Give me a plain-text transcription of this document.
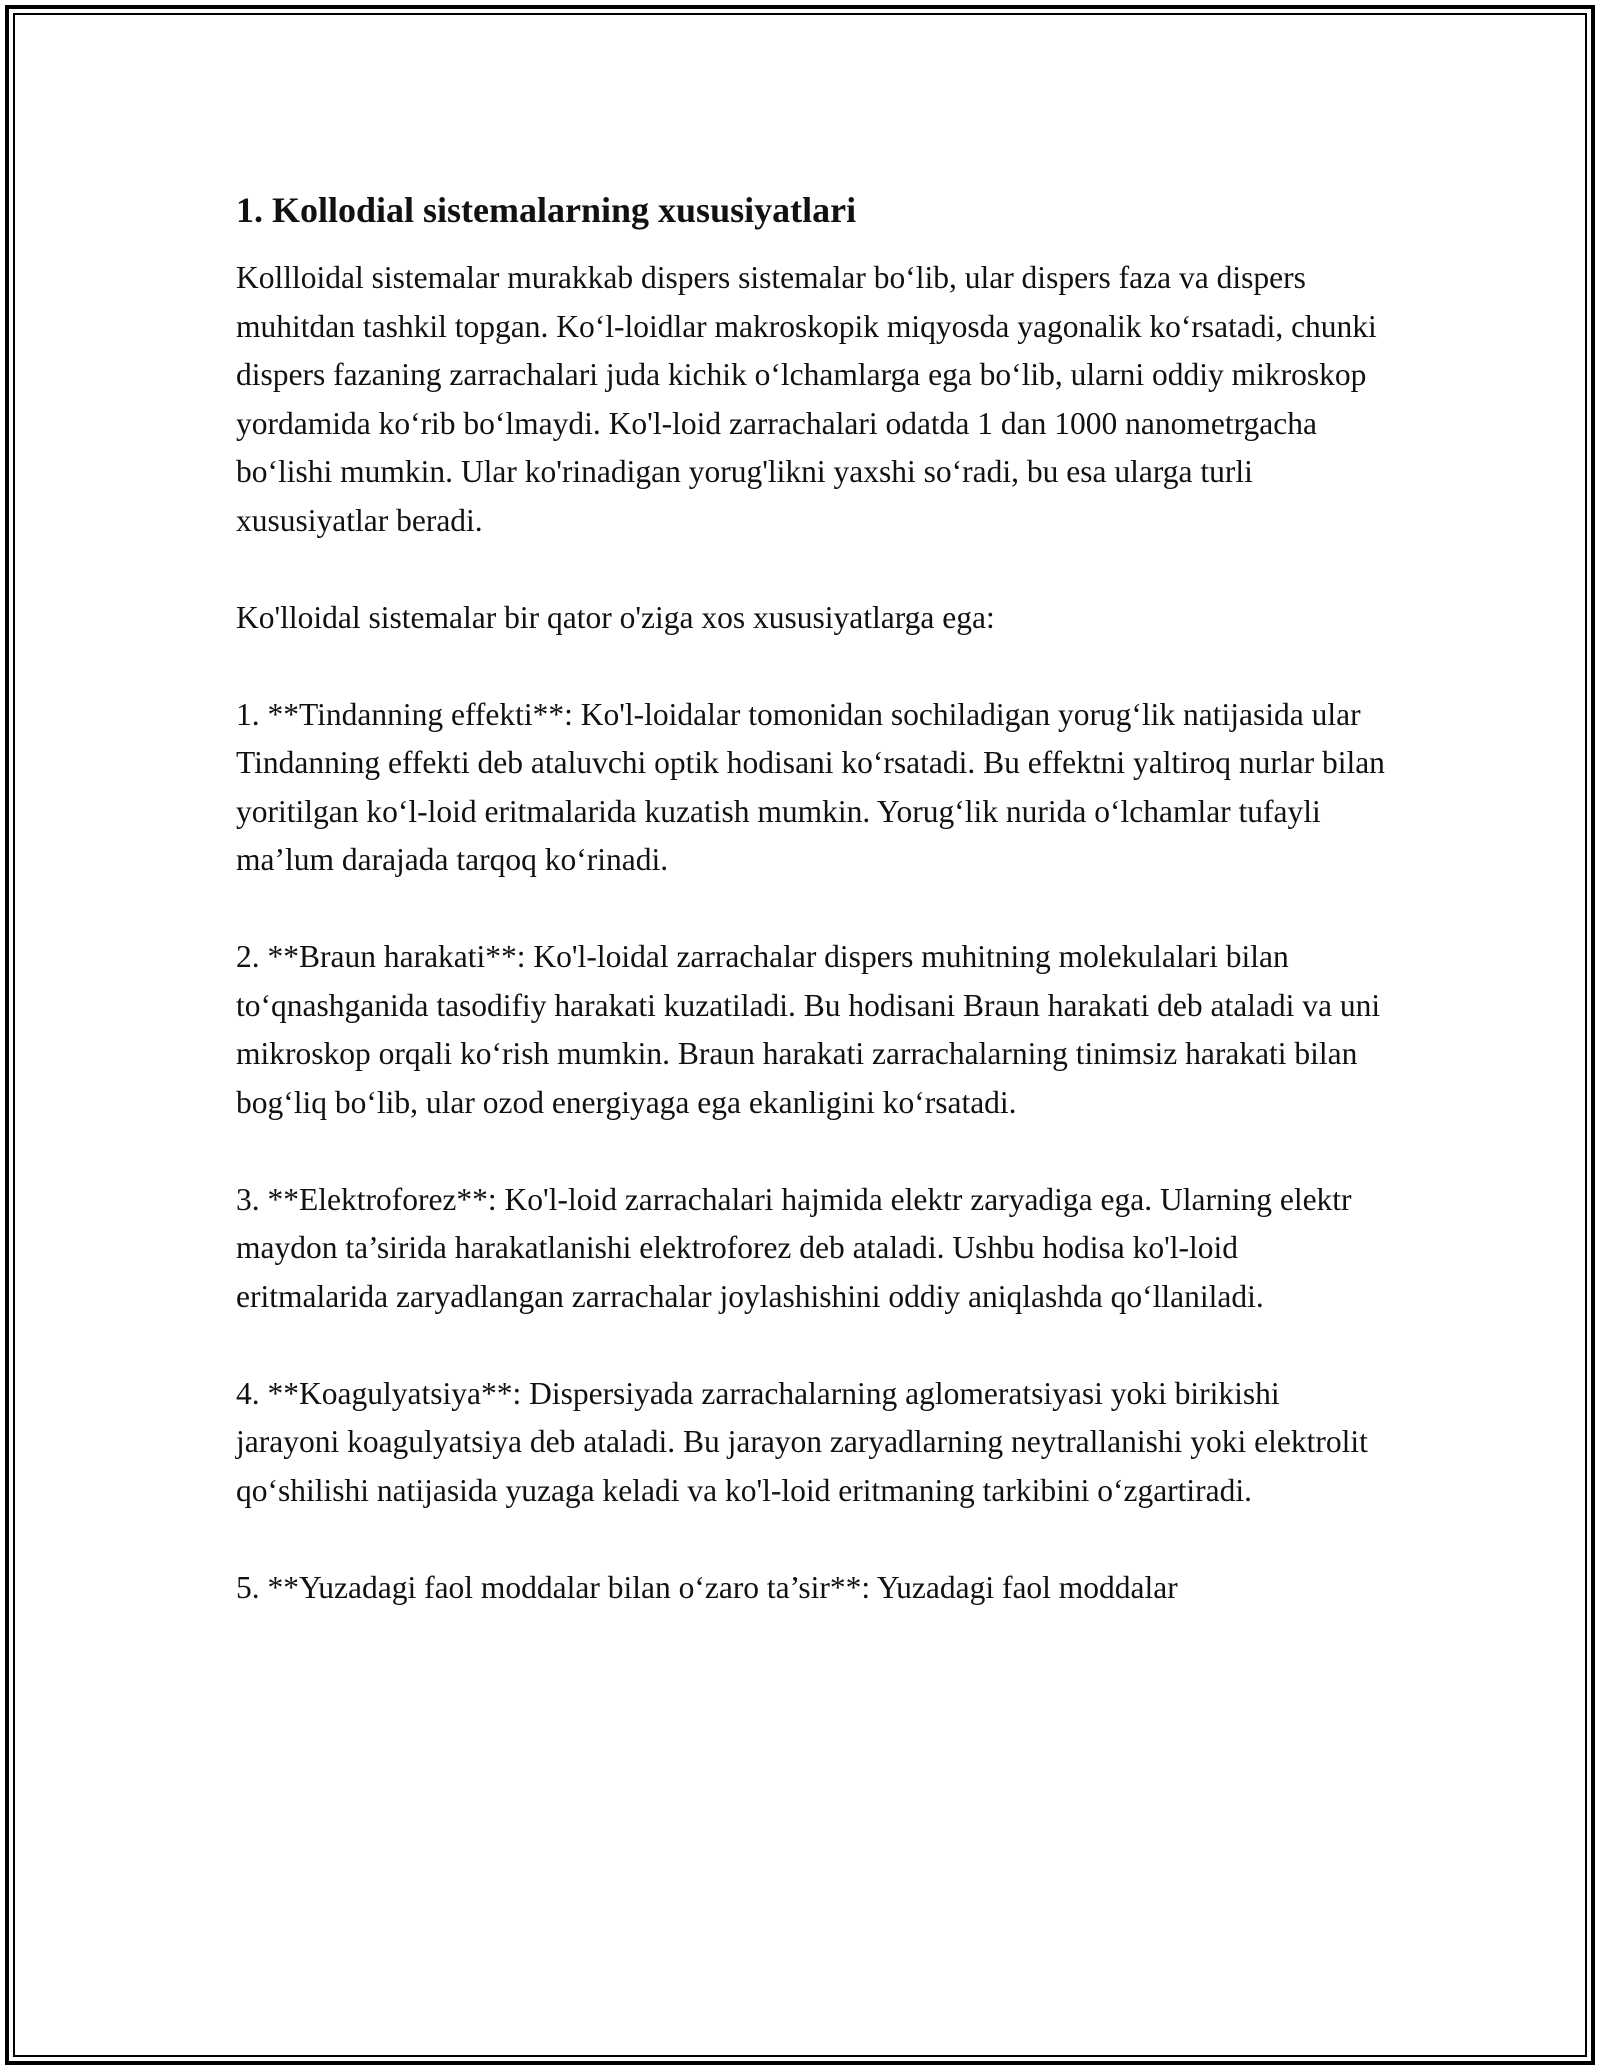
1. Kollodial sistemalarning xususiyatlari

Kollloidal sistemalar murakkab dispers sistemalar bo‘lib, ular dispers faza va dispers muhitdan tashkil topgan. Ko‘l-loidlar makroskopik miqyosda yagonalik ko‘rsatadi, chunki dispers fazaning zarrachalari juda kichik o‘lchamlarga ega bo‘lib, ularni oddiy mikroskop yordamida ko‘rib bo‘lmaydi. Ko'l-loid zarrachalari odatda 1 dan 1000 nanometrgacha bo‘lishi mumkin. Ular ko'rinadigan yorug'likni yaxshi so‘radi, bu esa ularga turli xususiyatlar beradi.

Ko'lloidal sistemalar bir qator o'ziga xos xususiyatlarga ega:

1. **Tindanning effekti**: Ko'l-loidalar tomonidan sochiladigan yorug‘lik natijasida ular Tindanning effekti deb ataluvchi optik hodisani ko‘rsatadi. Bu effektni yaltiroq nurlar bilan yoritilgan ko‘l-loid eritmalarida kuzatish mumkin. Yorug‘lik nurida o‘lchamlar tufayli ma’lum darajada tarqoq ko‘rinadi.

2. **Braun harakati**: Ko'l-loidal zarrachalar dispers muhitning molekulalari bilan to‘qnashganida tasodifiy harakati kuzatiladi. Bu hodisani Braun harakati deb ataladi va uni mikroskop orqali ko‘rish mumkin. Braun harakati zarrachalarning tinimsiz harakati bilan bog‘liq bo‘lib, ular ozod energiyaga ega ekanligini ko‘rsatadi.

3. **Elektroforez**: Ko'l-loid zarrachalari hajmida elektr zaryadiga ega. Ularning elektr maydon ta’sirida harakatlanishi elektroforez deb ataladi. Ushbu hodisa ko'l-loid eritmalarida zaryadlangan zarrachalar joylashishini oddiy aniqlashda qo‘llaniladi.

4. **Koagulyatsiya**: Dispersiyada zarrachalarning aglomeratsiyasi yoki birikishi jarayoni koagulyatsiya deb ataladi. Bu jarayon zaryadlarning neytrallanishi yoki elektrolit qo‘shilishi natijasida yuzaga keladi va ko'l-loid eritmaning tarkibini o‘zgartiradi.

5. **Yuzadagi faol moddalar bilan o‘zaro ta’sir**: Yuzadagi faol moddalar
